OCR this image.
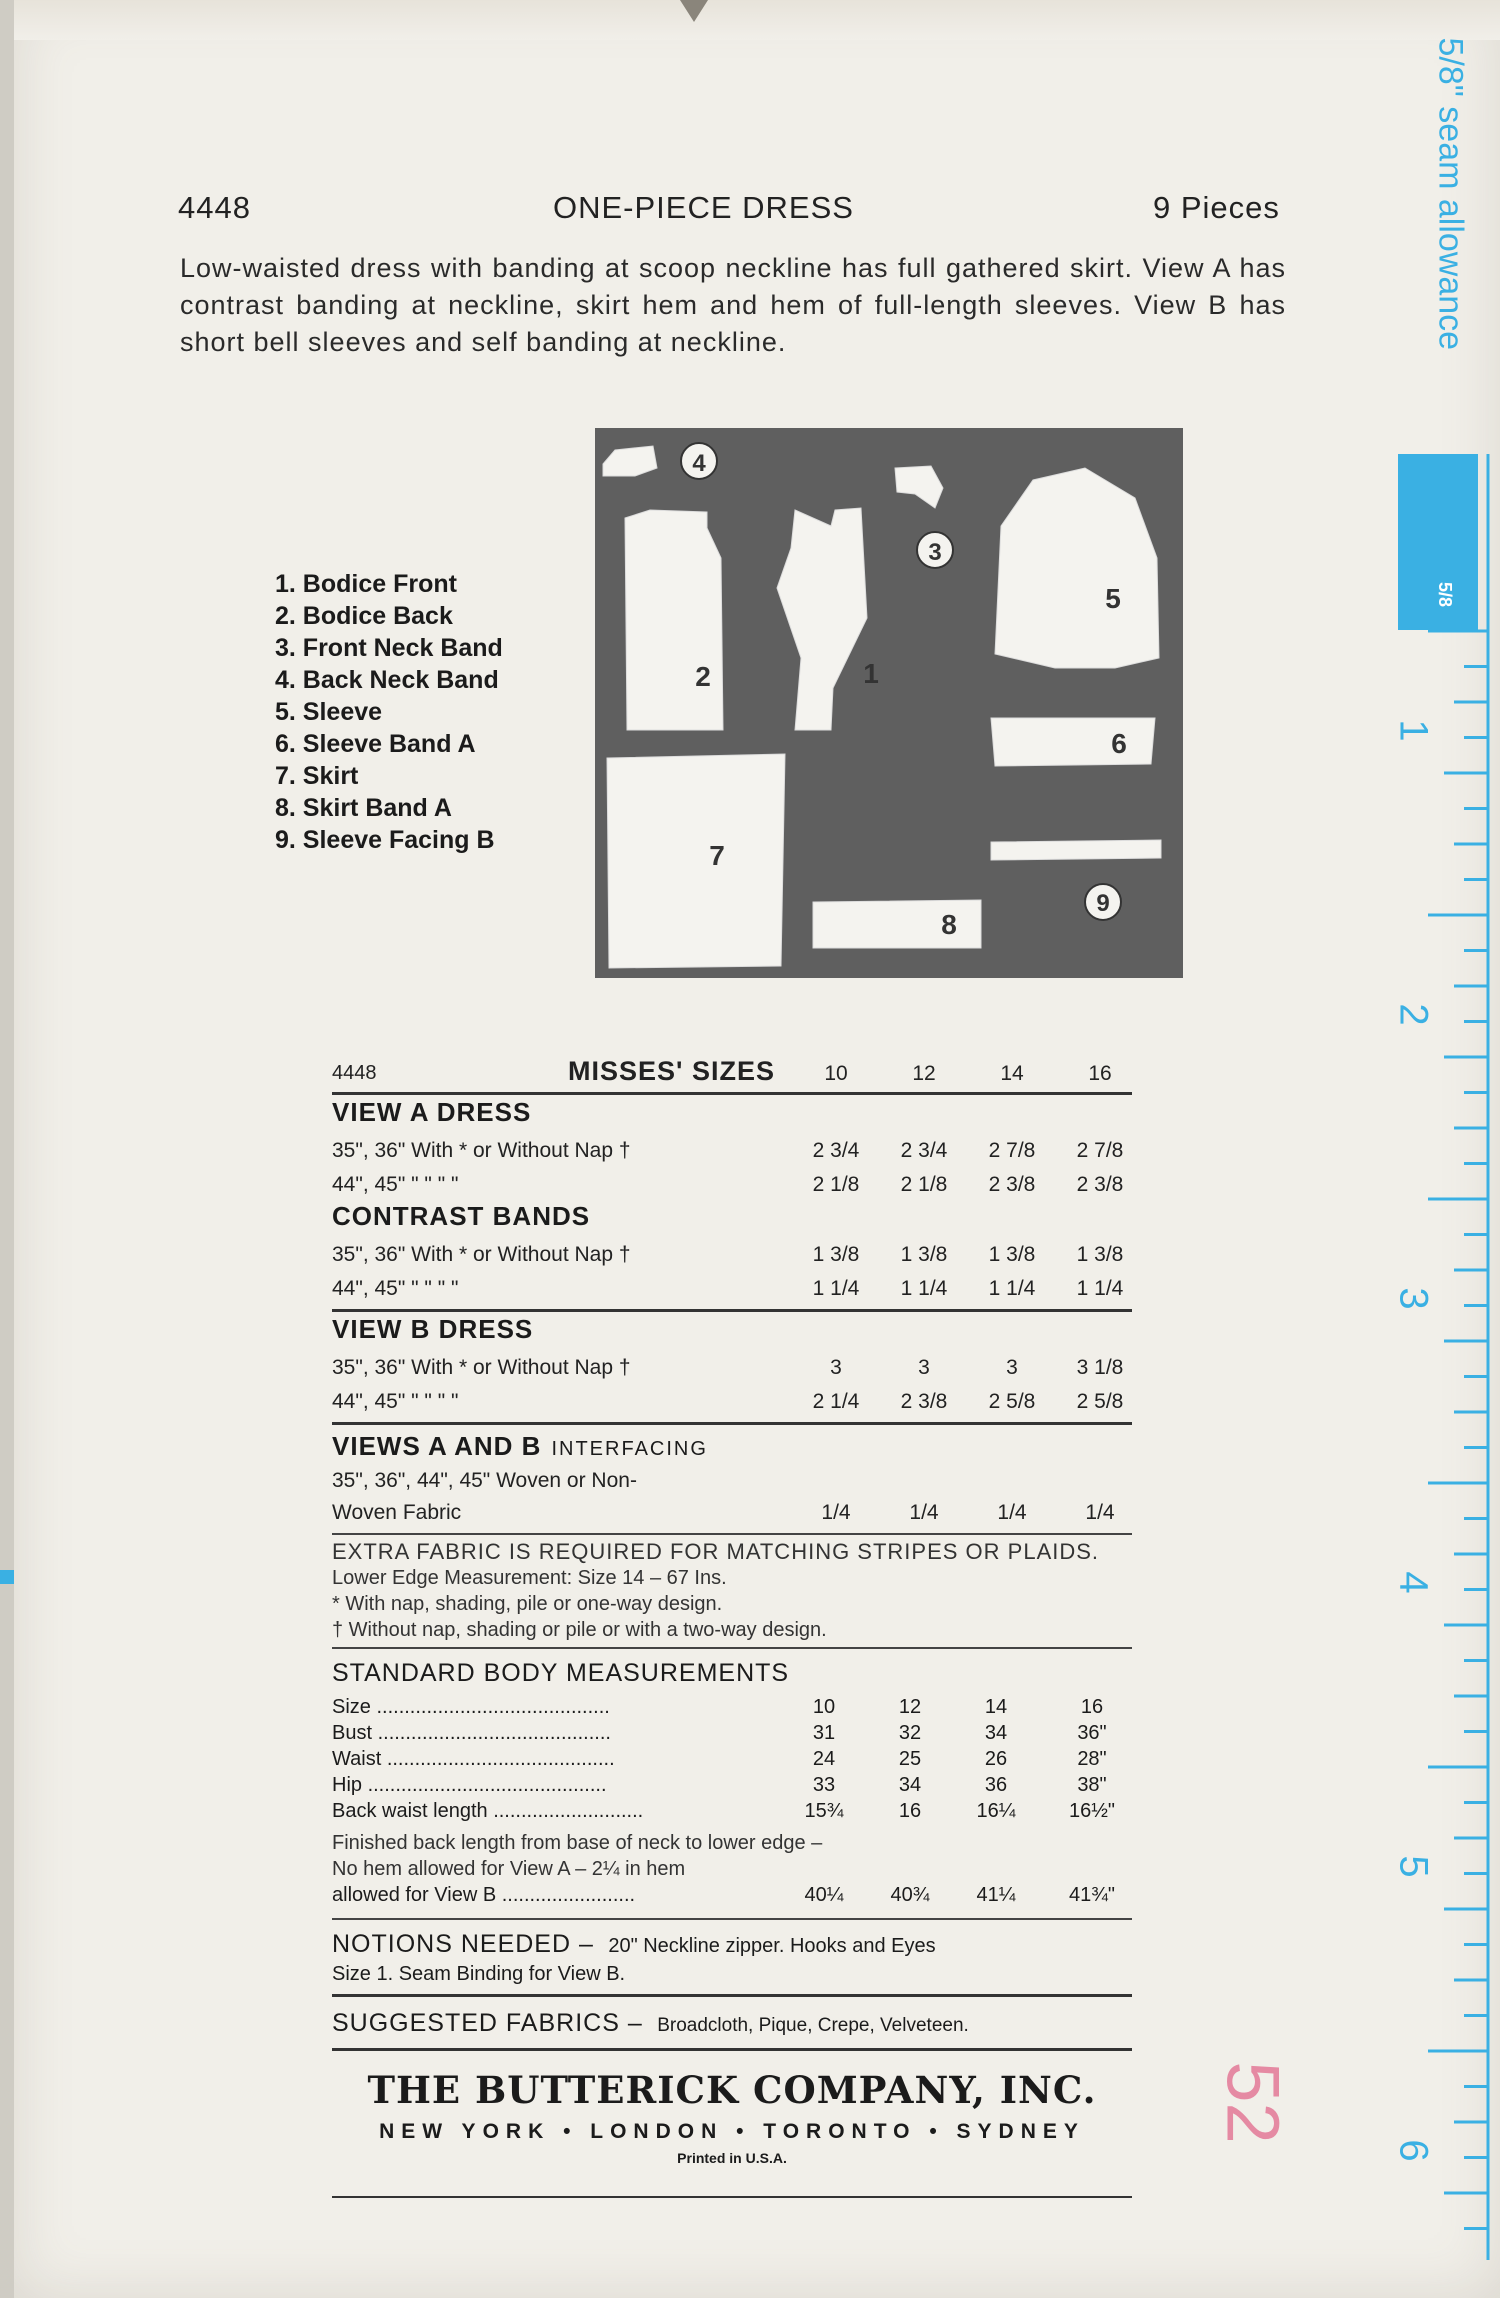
4448	ONE-PIECE DRESS	9 Pieces
Low-waisted dress with banding at scoop neckline has full gathered skirt. View A has contrast banding at neckline, skirt hem and hem of full-length sleeves. View B has short bell sleeves and self banding at neckline.
1. Bodice Front
2. Bodice Back
3. Front Neck Band
4. Back Neck Band
5. Sleeve
6. Sleeve Band A
7. Skirt
8. Skirt Band A
9. Sleeve Facing B
1
2
3
4
5
6
7
8
9
4448	MISSES' SIZES	10	12	14	16
VIEW A DRESS
35", 36" With * or Without Nap †	2 3/4	2 3/4	2 7/8	2 7/8
44", 45" " " " "	2 1/8	2 1/8	2 3/8	2 3/8
CONTRAST BANDS
35", 36" With * or Without Nap †	1 3/8	1 3/8	1 3/8	1 3/8
44", 45" " " " "	1 1/4	1 1/4	1 1/4	1 1/4
VIEW B DRESS
35", 36" With * or Without Nap †	3	3	3	3 1/8
44", 45" " " " "	2 1/4	2 3/8	2 5/8	2 5/8
VIEWS A AND B INTERFACING
35", 36", 44", 45" Woven or Non-
Woven Fabric	1/4	1/4	1/4	1/4
EXTRA FABRIC IS REQUIRED FOR MATCHING STRIPES OR PLAIDS.
Lower Edge Measurement: Size 14 – 67 Ins.
* With nap, shading, pile or one-way design.
† Without nap, shading or pile or with a two-way design.
STANDARD BODY MEASUREMENTS
Size ..........................................	10	12	14	16
Bust ..........................................	31	32	34	36"
Waist .........................................	24	25	26	28"
Hip ...........................................	33	34	36	38"
Back waist length ...........................	15¾	16	16¼	16½"
Finished back length from base of neck to lower edge –
No hem allowed for View A – 2¼ in hem
allowed for View B ........................	40¼	40¾	41¼	41¾"
NOTIONS NEEDED – 20" Neckline zipper. Hooks and Eyes
Size 1. Seam Binding for View B.
SUGGESTED FABRICS – Broadcloth, Pique, Crepe, Velveteen.
THE BUTTERICK COMPANY, INC.
NEW YORK • LONDON • TORONTO • SYDNEY
Printed in U.S.A.
52
5/8" seam allowance
5/8
1
2
3
4
5
6
